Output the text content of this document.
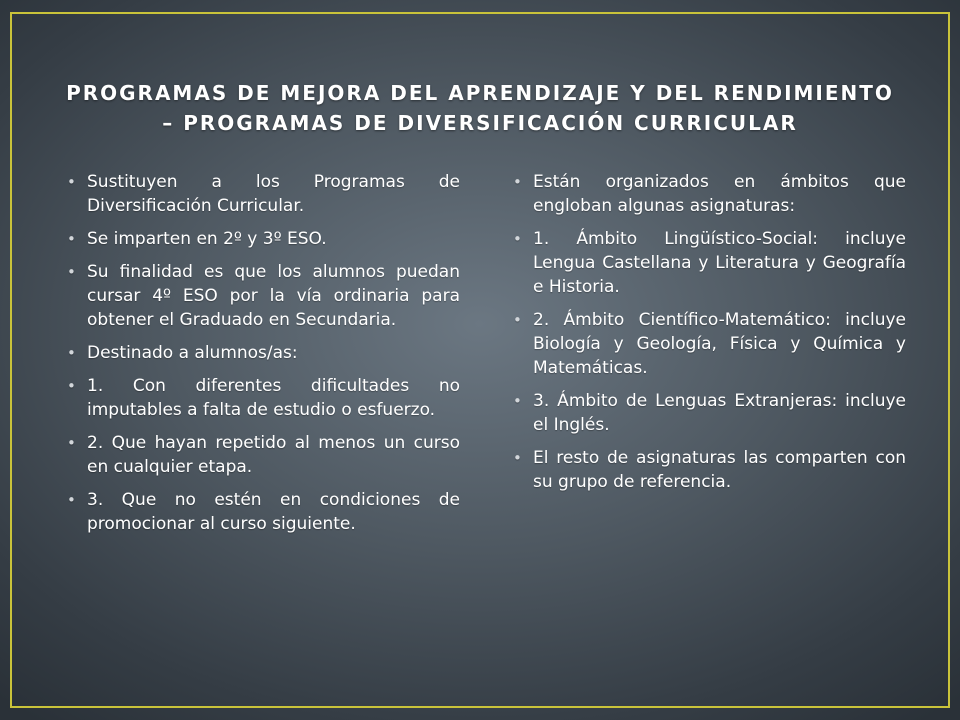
PROGRAMAS DE MEJORA DEL APRENDIZAJE Y DEL RENDIMIENTO
– PROGRAMAS DE DIVERSIFICACIÓN CURRICULAR
• Sustituyen a los Programas de Diversificación Curricular.
• Se imparten en 2º y 3º ESO.
• Su finalidad es que los alumnos puedan cursar 4º ESO por la vía ordinaria para obtener el Graduado en Secundaria.
• Destinado a alumnos/as:
• 1. Con diferentes dificultades no imputables a falta de estudio o esfuerzo.
• 2. Que hayan repetido al menos un curso en cualquier etapa.
• 3. Que no estén en condiciones de promocionar al curso siguiente.
• Están organizados en ámbitos que engloban algunas asignaturas:
• 1. Ámbito Lingüístico-Social: incluye Lengua Castellana y Literatura y Geografía e Historia.
• 2. Ámbito Científico-Matemático: incluye Biología y Geología, Física y Química y Matemáticas.
• 3. Ámbito de Lenguas Extranjeras: incluye el Inglés.
• El resto de asignaturas las comparten con su grupo de referencia.
